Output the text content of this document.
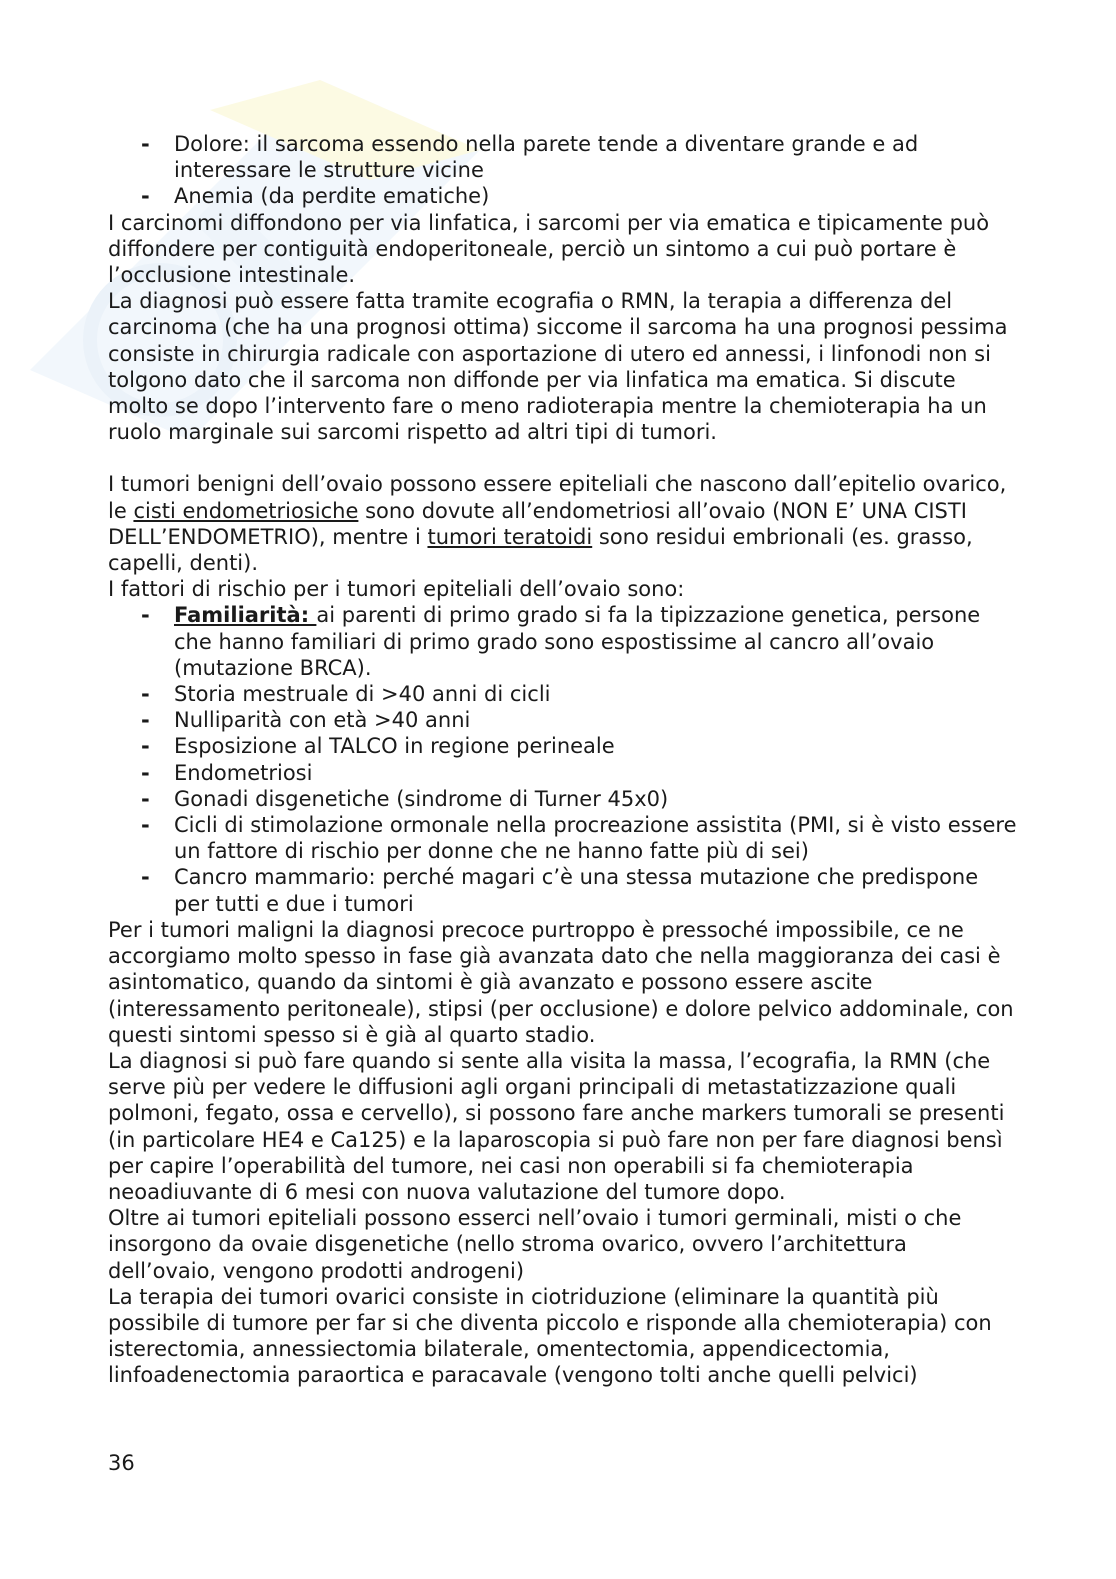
- Dolore: il sarcoma essendo nella parete tende a diventare grande e ad interessare le strutture vicine
- Anemia (da perdite ematiche)

I carcinomi diffondono per via linfatica, i sarcomi per via ematica e tipicamente può diffondere per contiguità endoperitoneale, perciò un sintomo a cui può portare è l’occlusione intestinale.

La diagnosi può essere fatta tramite ecografia o RMN, la terapia a differenza del carcinoma (che ha una prognosi ottima) siccome il sarcoma ha una prognosi pessima consiste in chirurgia radicale con asportazione di utero ed annessi, i linfonodi non si tolgono dato che il sarcoma non diffonde per via linfatica ma ematica. Si discute molto se dopo l’intervento fare o meno radioterapia mentre la chemioterapia ha un ruolo marginale sui sarcomi rispetto ad altri tipi di tumori.

I tumori benigni dell’ovaio possono essere epiteliali che nascono dall’epitelio ovarico, le cisti endometriosiche sono dovute all’endometriosi all’ovaio (NON E’ UNA CISTI DELL’ENDOMETRIO), mentre i tumori teratoidi sono residui embrionali (es. grasso, capelli, denti).

I fattori di rischio per i tumori epiteliali dell’ovaio sono:

- Familiarità: ai parenti di primo grado si fa la tipizzazione genetica, persone che hanno familiari di primo grado sono espostissime al cancro all’ovaio (mutazione BRCA).
- Storia mestruale di >40 anni di cicli
- Nulliparità con età >40 anni
- Esposizione al TALCO in regione perineale
- Endometriosi
- Gonadi disgenetiche (sindrome di Turner 45x0)
- Cicli di stimolazione ormonale nella procreazione assistita (PMI, si è visto essere un fattore di rischio per donne che ne hanno fatte più di sei)
- Cancro mammario: perché magari c’è una stessa mutazione che predispone per tutti e due i tumori

Per i tumori maligni la diagnosi precoce purtroppo è pressoché impossibile, ce ne accorgiamo molto spesso in fase già avanzata dato che nella maggioranza dei casi è asintomatico, quando da sintomi è già avanzato e possono essere ascite (interessamento peritoneale), stipsi (per occlusione) e dolore pelvico addominale, con questi sintomi spesso si è già al quarto stadio.

La diagnosi si può fare quando si sente alla visita la massa, l’ecografia, la RMN (che serve più per vedere le diffusioni agli organi principali di metastatizzazione quali polmoni, fegato, ossa e cervello), si possono fare anche markers tumorali se presenti (in particolare HE4 e Ca125) e la laparoscopia si può fare non per fare diagnosi bensì per capire l’operabilità del tumore, nei casi non operabili si fa chemioterapia neoadiuvante di 6 mesi con nuova valutazione del tumore dopo.

Oltre ai tumori epiteliali possono esserci nell’ovaio i tumori germinali, misti o che insorgono da ovaie disgenetiche (nello stroma ovarico, ovvero l’architettura dell’ovaio, vengono prodotti androgeni)

La terapia dei tumori ovarici consiste in ciotriduzione (eliminare la quantità più possibile di tumore per far si che diventa piccolo e risponde alla chemioterapia) con isterectomia, annessiectomia bilaterale, omentectomia, appendicectomia, linfoadenectomia paraortica e paracavale (vengono tolti anche quelli pelvici)

36
